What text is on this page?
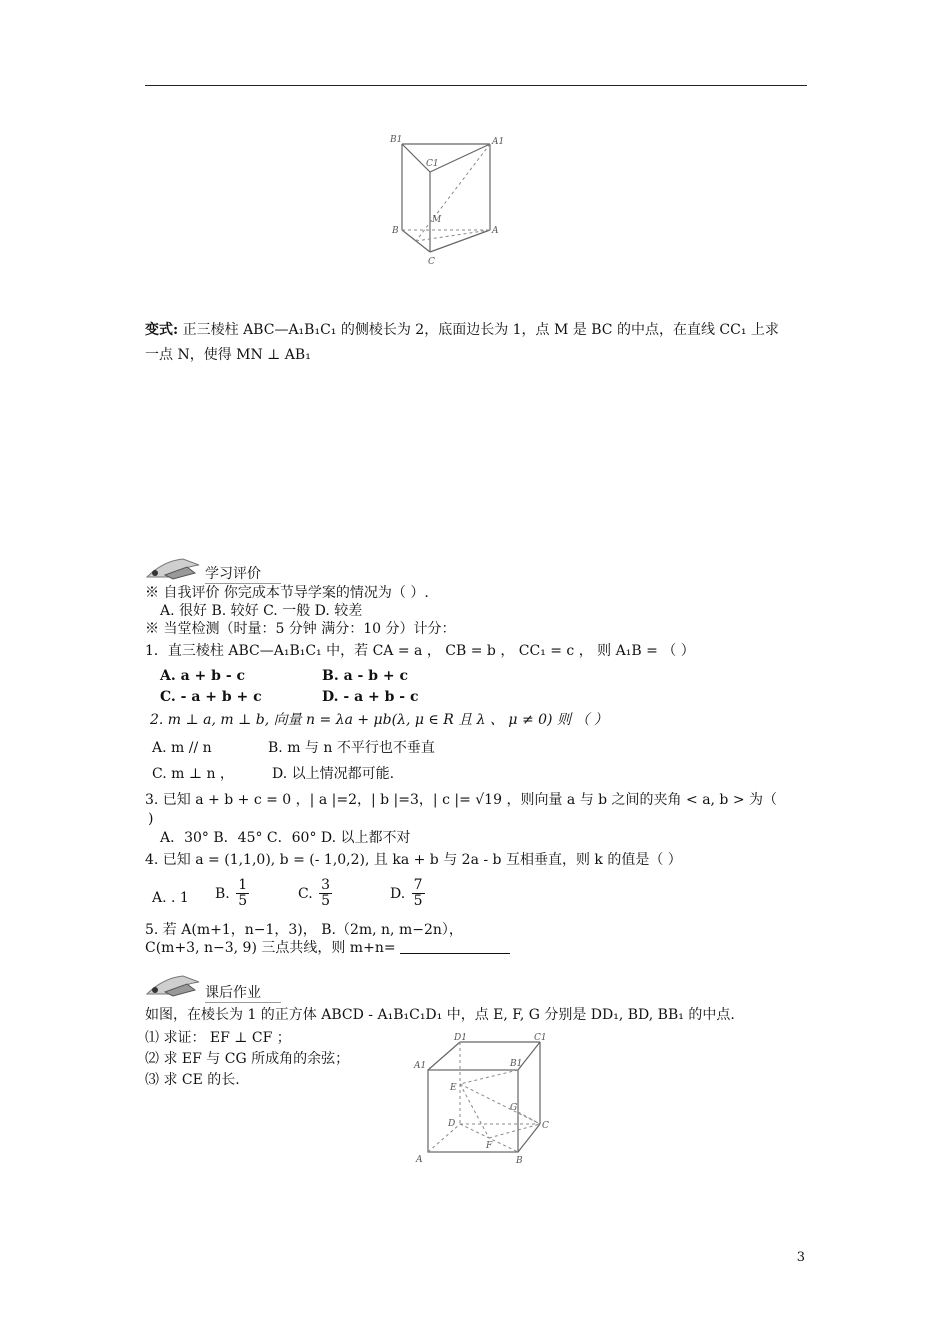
B1	A1
C1
M
B	A
C
变式: 正三棱柱 ABC—A₁B₁C₁ 的侧棱长为 2，底面边长为 1，点 M 是 BC 的中点，在直线 CC₁ 上求
一点 N，使得 MN ⊥ AB₁
学习评价
※ 自我评价 你完成本节导学案的情况为（ ）.
A. 很好 B. 较好 C. 一般 D. 较差
※ 当堂检测（时量：5 分钟 满分：10 分）计分：
1．直三棱柱 ABC—A₁B₁C₁ 中，若 CA = a ， CB = b ， CC₁ = c ， 则 A₁B = （ ）
A. a + b - c	B. a - b + c
C. - a + b + c	D. - a + b - c
2. m ⊥ a, m ⊥ b, 向量 n = λa + μb(λ, μ ∈ R 且 λ 、 μ ≠ 0) 则 （ ）
A. m // n	B. m 与 n 不平行也不垂直
C. m ⊥ n ，	D. 以上情况都可能.
3. 已知 a + b + c = 0 ，| a |=2，| b |=3，| c |= √19 ，则向量 a 与 b 之间的夹角 < a, b > 为（
)
A．30° B．45° C．60° D. 以上都不对
4. 已知 a = (1,1,0), b = (- 1,0,2), 且 ka + b 与 2a - b 互相垂直，则 k 的值是（ ）
A. . 1 B. $\frac{1}{5}$	C. $\frac{3}{5}$	D. $\frac{7}{5}$
5. 若 A(m+1，n−1，3)， B.（2m, n, m−2n），
C(m+3, n−3, 9) 三点共线，则 m+n=
课后作业
如图，在棱长为 1 的正方体 ABCD - A₁B₁C₁D₁ 中，点 E, F, G 分别是 DD₁, BD, BB₁ 的中点.
⑴ 求证： EF ⊥ CF ；
⑵ 求 EF 与 CG 所成角的余弦；
⑶ 求 CE 的长.
D1	C1
A1	B1
E
G
D	C
F
A	B
3
